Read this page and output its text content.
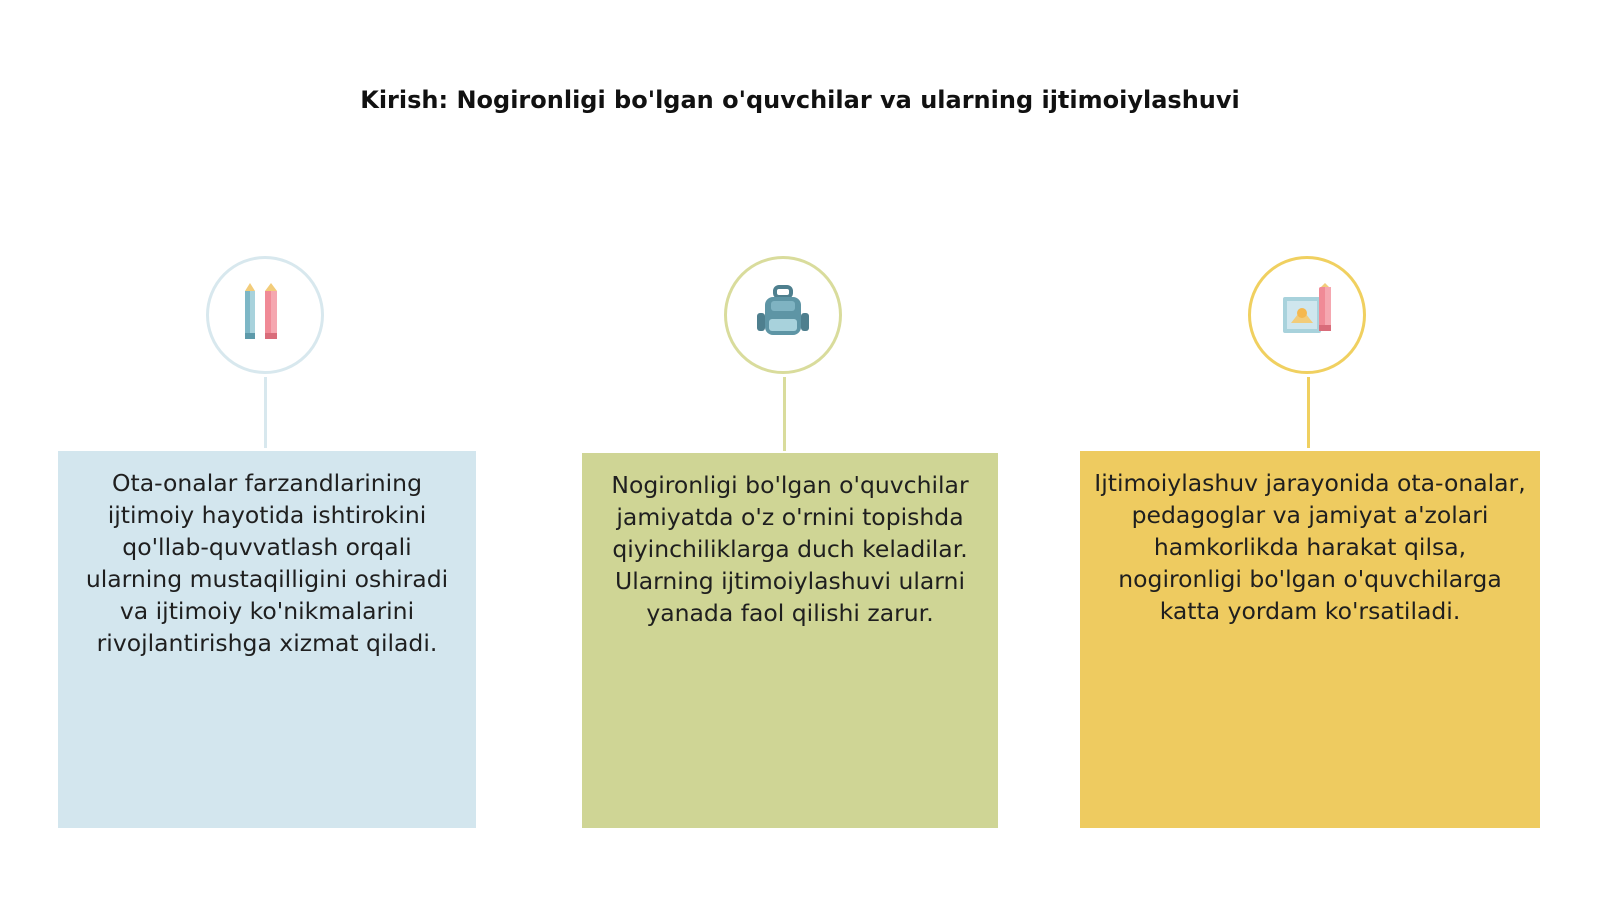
Kirish: Nogironligi bo'lgan o'quvchilar va ularning ijtimoiylashuvi
Ota-onalar farzandlarining ijtimoiy hayotida ishtirokini qo'llab-quvvatlash orqali ularning mustaqilligini oshiradi va ijtimoiy ko'nikmalarini rivojlantirishga xizmat qiladi.
Nogironligi bo'lgan o'quvchilar jamiyatda o'z o'rnini topishda qiyinchiliklarga duch keladilar. Ularning ijtimoiylashuvi ularni yanada faol qilishi zarur.
Ijtimoiylashuv jarayonida ota-onalar, pedagoglar va jamiyat a'zolari hamkorlikda harakat qilsa, nogironligi bo'lgan o'quvchilarga katta yordam ko'rsatiladi.
